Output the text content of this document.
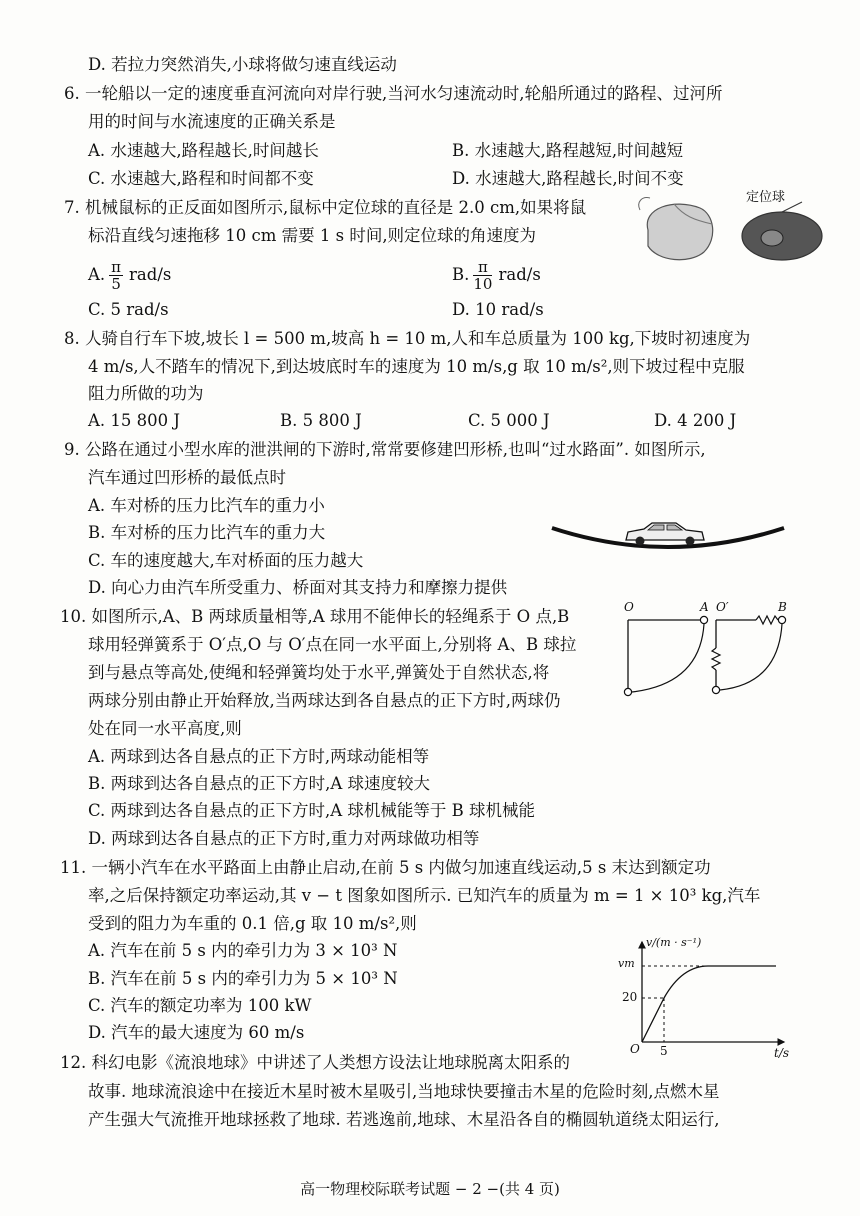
D. 若拉力突然消失,小球将做匀速直线运动
6. 一轮船以一定的速度垂直河流向对岸行驶,当河水匀速流动时,轮船所通过的路程、过河所
用的时间与水流速度的正确关系是
A. 水速越大,路程越长,时间越长	B. 水速越大,路程越短,时间越短
C. 水速越大,路程和时间都不变	D. 水速越大,路程越长,时间不变
7. 机械鼠标的正反面如图所示,鼠标中定位球的直径是 2.0 cm,如果将鼠
标沿直线匀速拖移 10 cm 需要 1 s 时间,则定位球的角速度为
定位球
A. $\frac{\pi}{5} rad/s$	B. $\frac{\pi}{10} rad/s$
C. 5 rad/s	D. 10 rad/s
8. 人骑自行车下坡,坡长 l = 500 m,坡高 h = 10 m,人和车总质量为 100 kg,下坡时初速度为
4 m/s,人不踏车的情况下,到达坡底时车的速度为 10 m/s,g 取 10 m/s²,则下坡过程中克服
阻力所做的功为
A. 15 800 J	B. 5 800 J	C. 5 000 J	D. 4 200 J
9. 公路在通过小型水库的泄洪闸的下游时,常常要修建凹形桥,也叫“过水路面”. 如图所示,
汽车通过凹形桥的最低点时
A. 车对桥的压力比汽车的重力小
B. 车对桥的压力比汽车的重力大
C. 车的速度越大,车对桥面的压力越大
D. 向心力由汽车所受重力、桥面对其支持力和摩擦力提供
10. 如图所示,A、B 两球质量相等,A 球用不能伸长的轻绳系于 O 点,B
球用轻弹簧系于 O′点,O 与 O′点在同一水平面上,分别将 A、B 球拉
到与悬点等高处,使绳和轻弹簧均处于水平,弹簧处于自然状态,将
两球分别由静止开始释放,当两球达到各自悬点的正下方时,两球仍
处在同一水平高度,则
A. 两球到达各自悬点的正下方时,两球动能相等
B. 两球到达各自悬点的正下方时,A 球速度较大
C. 两球到达各自悬点的正下方时,A 球机械能等于 B 球机械能
D. 两球到达各自悬点的正下方时,重力对两球做功相等
O	A O′	B
11. 一辆小汽车在水平路面上由静止启动,在前 5 s 内做匀加速直线运动,5 s 末达到额定功
率,之后保持额定功率运动,其 v − t 图象如图所示. 已知汽车的质量为 m = 1 × 10³ kg,汽车
受到的阻力为车重的 0.1 倍,g 取 10 m/s²,则
A. 汽车在前 5 s 内的牵引力为 3 × 10³ N
B. 汽车在前 5 s 内的牵引力为 5 × 10³ N
C. 汽车的额定功率为 100 kW
D. 汽车的最大速度为 60 m/s
v/(m · s⁻¹)
vm
20
5
O	t/s
12. 科幻电影《流浪地球》中讲述了人类想方设法让地球脱离太阳系的
故事. 地球流浪途中在接近木星时被木星吸引,当地球快要撞击木星的危险时刻,点燃木星
产生强大气流推开地球拯救了地球. 若逃逸前,地球、木星沿各自的椭圆轨道绕太阳运行,
高一物理校际联考试题 − 2 −(共 4 页)
